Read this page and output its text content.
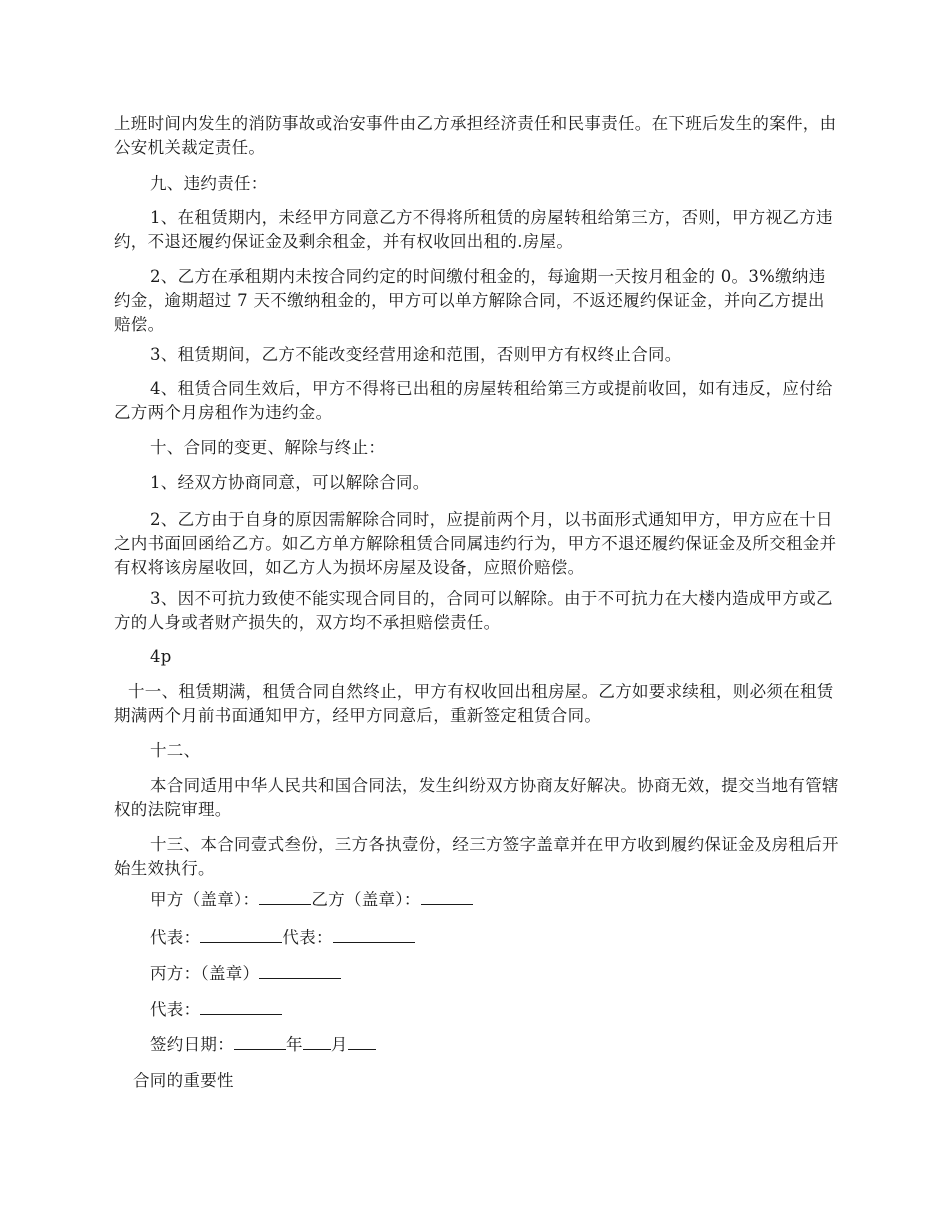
上班时间内发生的消防事故或治安事件由乙方承担经济责任和民事责任。在下班后发生的案件，由公安机关裁定责任。

九、违约责任：

1、在租赁期内，未经甲方同意乙方不得将所租赁的房屋转租给第三方，否则，甲方视乙方违约，不退还履约保证金及剩余租金，并有权收回出租的.房屋。

2、乙方在承租期内未按合同约定的时间缴付租金的，每逾期一天按月租金的 0。3%缴纳违约金，逾期超过 7 天不缴纳租金的，甲方可以单方解除合同，不返还履约保证金，并向乙方提出赔偿。

3、租赁期间，乙方不能改变经营用途和范围，否则甲方有权终止合同。

4、租赁合同生效后，甲方不得将已出租的房屋转租给第三方或提前收回，如有违反，应付给乙方两个月房租作为违约金。

十、合同的变更、解除与终止：

1、经双方协商同意，可以解除合同。

2、乙方由于自身的原因需解除合同时，应提前两个月，以书面形式通知甲方，甲方应在十日之内书面回函给乙方。如乙方单方解除租赁合同属违约行为，甲方不退还履约保证金及所交租金并有权将该房屋收回，如乙方人为损坏房屋及设备，应照价赔偿。

3、因不可抗力致使不能实现合同目的，合同可以解除。由于不可抗力在大楼内造成甲方或乙方的人身或者财产损失的，双方均不承担赔偿责任。

4p

十一、租赁期满，租赁合同自然终止，甲方有权收回出租房屋。乙方如要求续租，则必须在租赁期满两个月前书面通知甲方，经甲方同意后，重新签定租赁合同。

十二、

本合同适用中华人民共和国合同法，发生纠纷双方协商友好解决。协商无效，提交当地有管辖权的法院审理。

十三、本合同壹式叁份，三方各执壹份，经三方签字盖章并在甲方收到履约保证金及房租后开始生效执行。

甲方（盖章）：	乙方（盖章）：

代表：	代表：

丙方：（盖章）

代表：

签约日期：	年 月

合同的重要性
